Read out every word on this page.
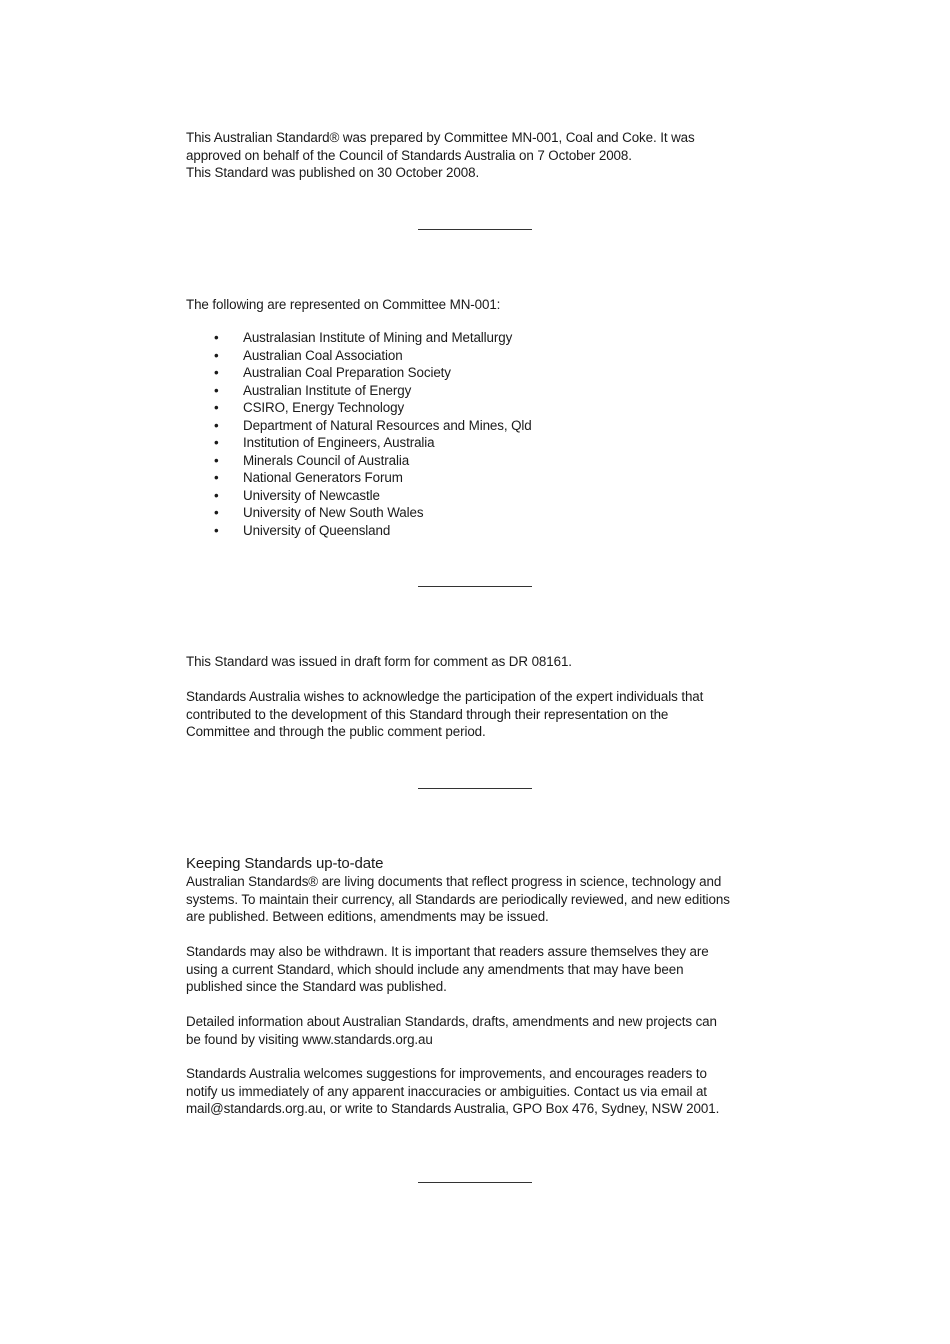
This Australian Standard® was prepared by Committee MN-001, Coal and Coke. It was
approved on behalf of the Council of Standards Australia on 7 October 2008.
This Standard was published on 30 October 2008.

The following are represented on Committee MN-001:

• Australasian Institute of Mining and Metallurgy
• Australian Coal Association
• Australian Coal Preparation Society
• Australian Institute of Energy
• CSIRO, Energy Technology
• Department of Natural Resources and Mines, Qld
• Institution of Engineers, Australia
• Minerals Council of Australia
• National Generators Forum
• University of Newcastle
• University of New South Wales
• University of Queensland

This Standard was issued in draft form for comment as DR 08161.

Standards Australia wishes to acknowledge the participation of the expert individuals that
contributed to the development of this Standard through their representation on the
Committee and through the public comment period.

Keeping Standards up-to-date

Australian Standards® are living documents that reflect progress in science, technology and
systems. To maintain their currency, all Standards are periodically reviewed, and new editions
are published. Between editions, amendments may be issued.

Standards may also be withdrawn. It is important that readers assure themselves they are
using a current Standard, which should include any amendments that may have been
published since the Standard was published.

Detailed information about Australian Standards, drafts, amendments and new projects can
be found by visiting www.standards.org.au

Standards Australia welcomes suggestions for improvements, and encourages readers to
notify us immediately of any apparent inaccuracies or ambiguities. Contact us via email at
mail@standards.org.au, or write to Standards Australia, GPO Box 476, Sydney, NSW 2001.
